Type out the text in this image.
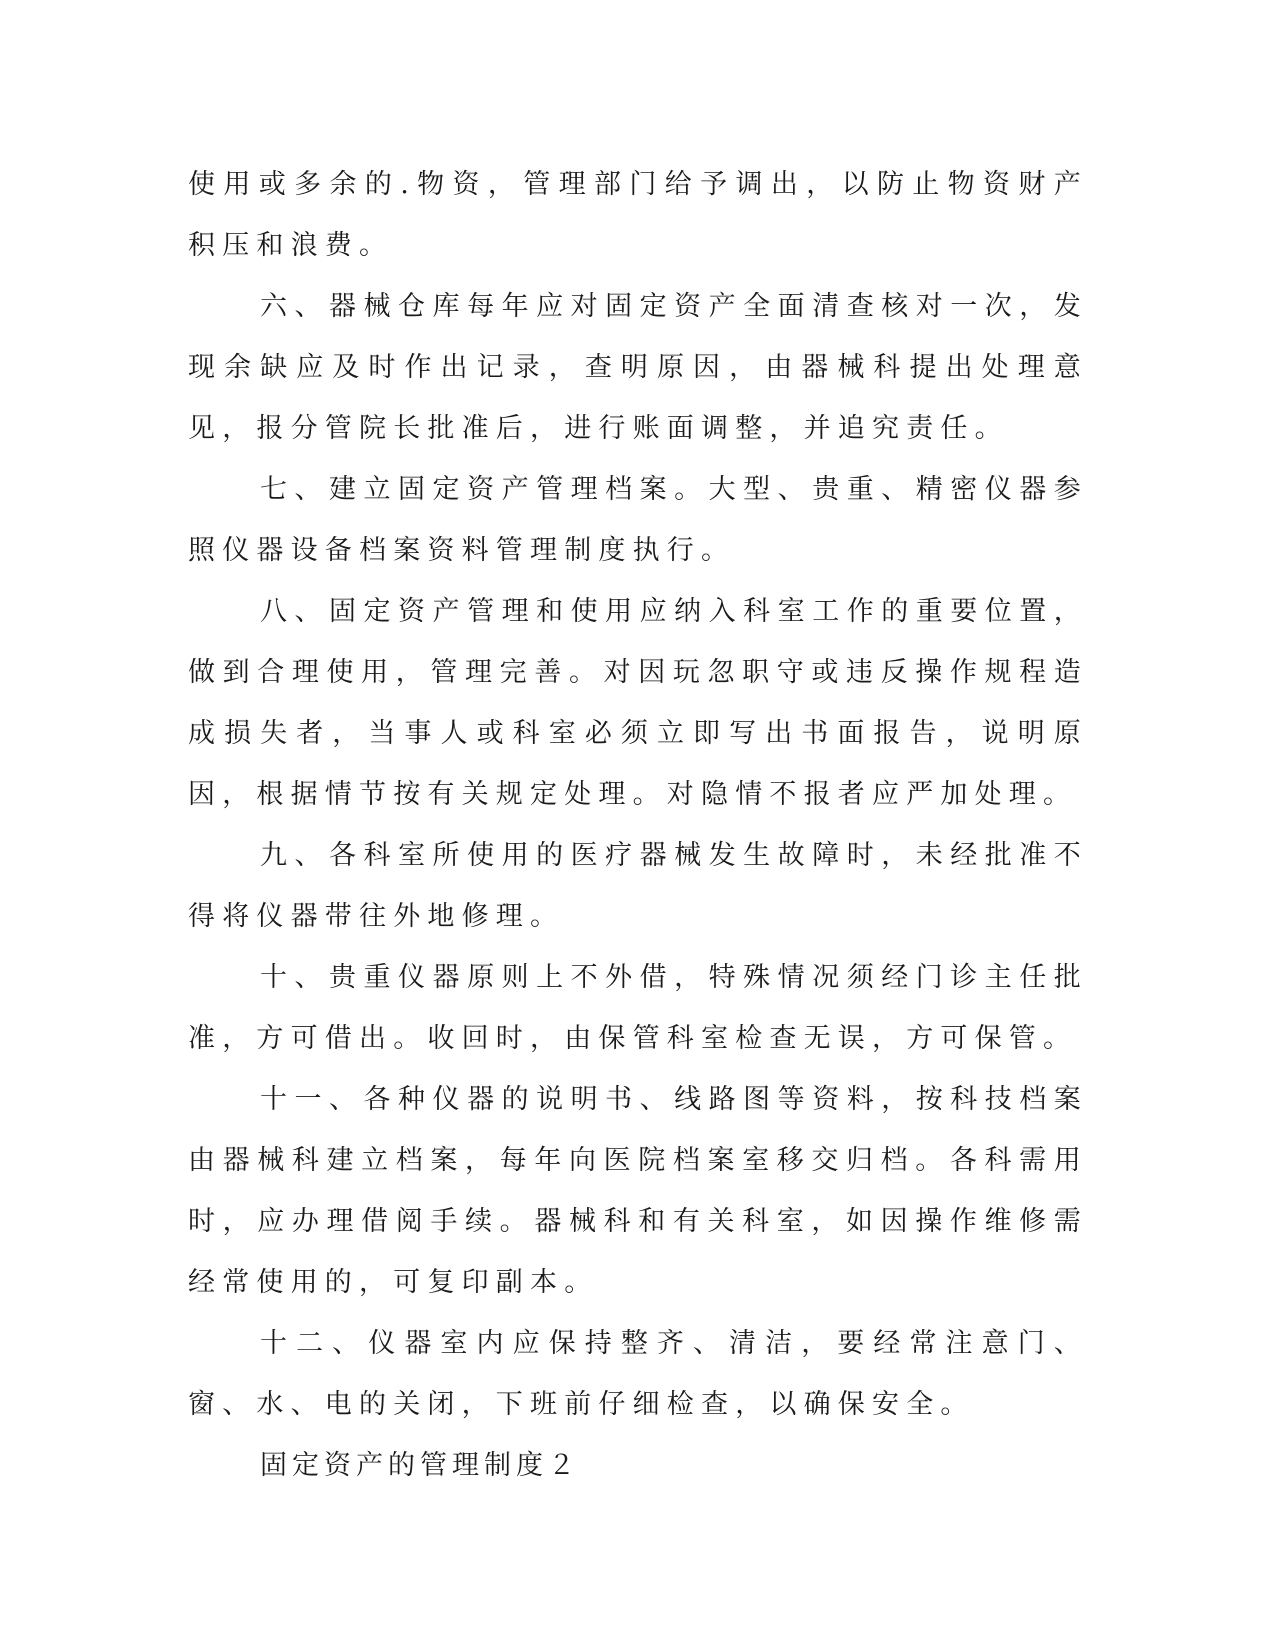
使用或多余的.物资，管理部门给予调出，以防止物资财产积压和浪费。

六、器械仓库每年应对固定资产全面清查核对一次，发现余缺应及时作出记录，查明原因，由器械科提出处理意见，报分管院长批准后，进行账面调整，并追究责任。

七、建立固定资产管理档案。大型、贵重、精密仪器参照仪器设备档案资料管理制度执行。

八、固定资产管理和使用应纳入科室工作的重要位置，做到合理使用，管理完善。对因玩忽职守或违反操作规程造成损失者，当事人或科室必须立即写出书面报告，说明原因，根据情节按有关规定处理。对隐情不报者应严加处理。

九、各科室所使用的医疗器械发生故障时，未经批准不得将仪器带往外地修理。

十、贵重仪器原则上不外借，特殊情况须经门诊主任批准，方可借出。收回时，由保管科室检查无误，方可保管。

十一、各种仪器的说明书、线路图等资料，按科技档案由器械科建立档案，每年向医院档案室移交归档。各科需用时，应办理借阅手续。器械科和有关科室，如因操作维修需经常使用的，可复印副本。

十二、仪器室内应保持整齐、清洁，要经常注意门、窗、水、电的关闭，下班前仔细检查，以确保安全。

固定资产的管理制度２
